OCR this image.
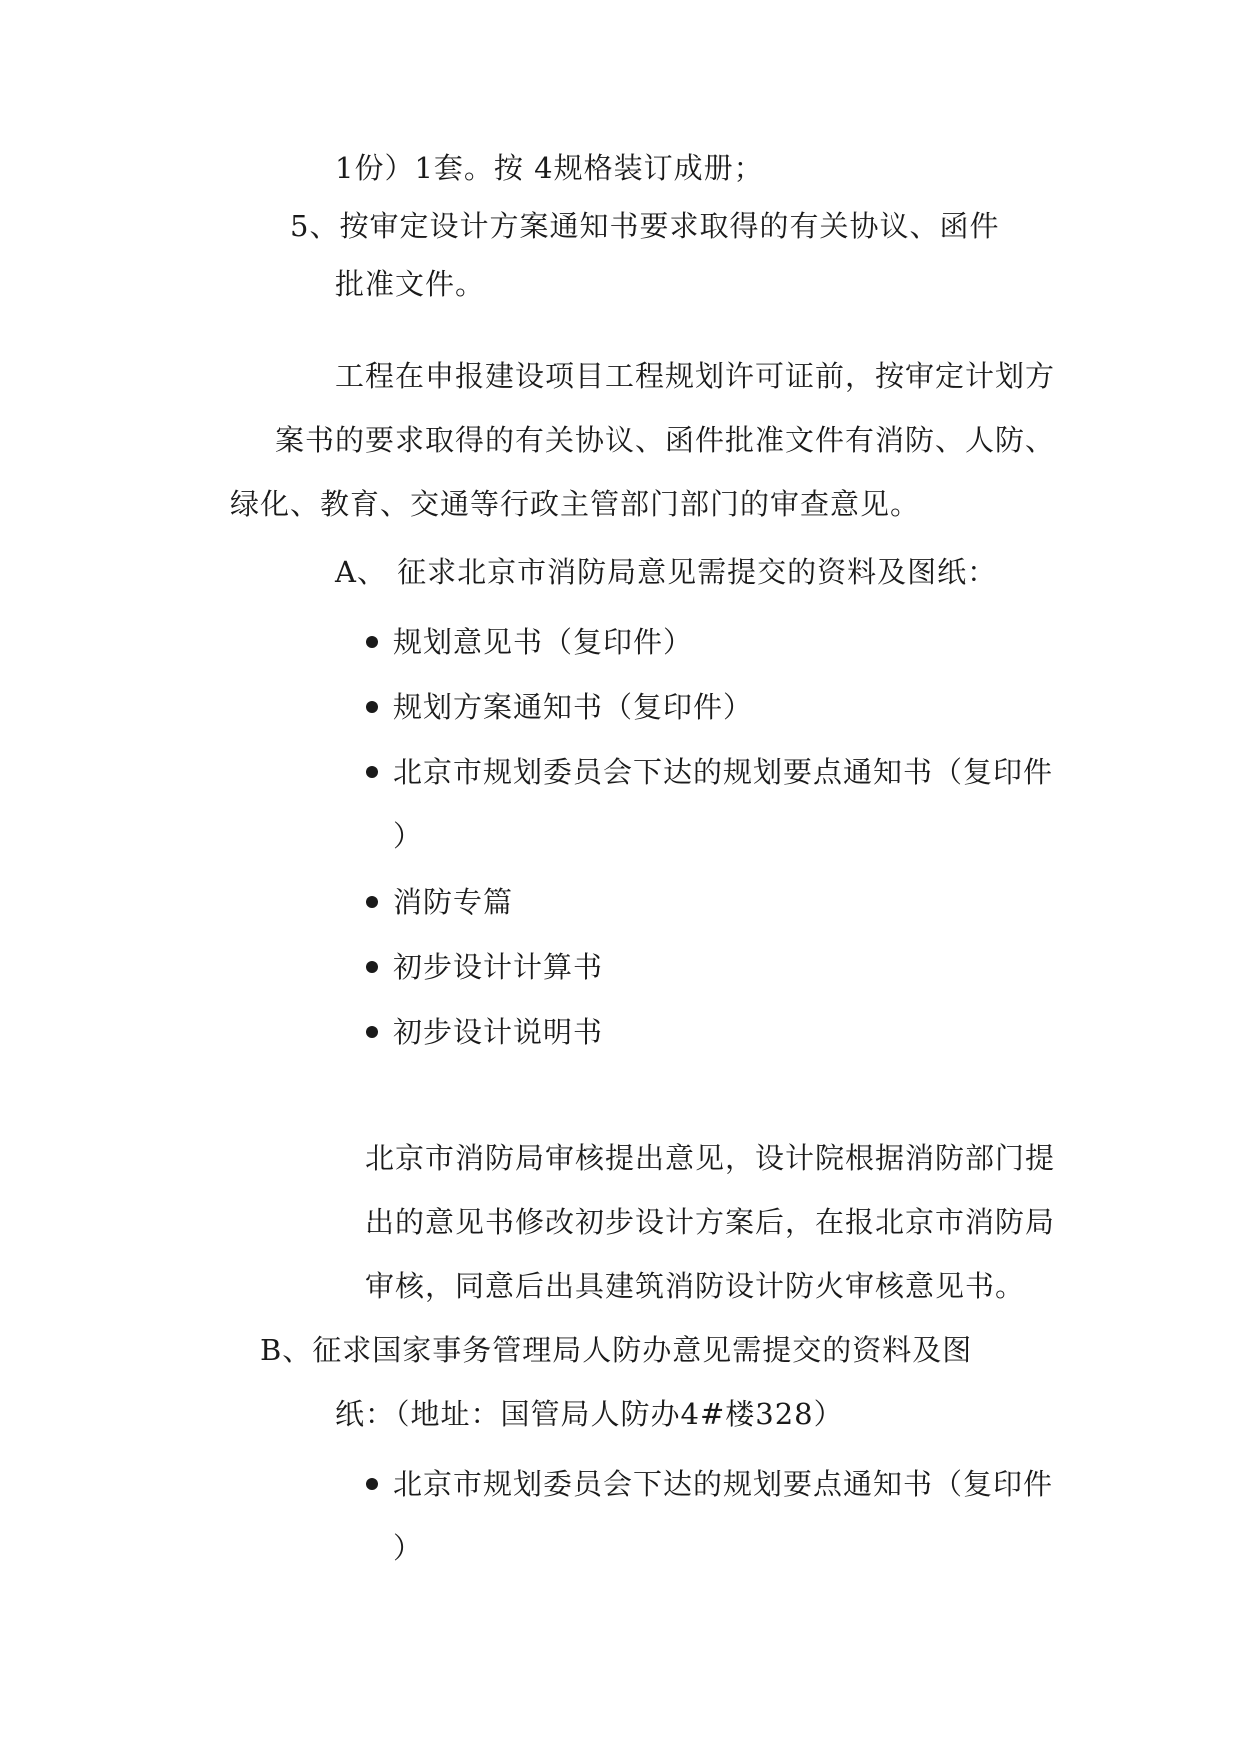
1份）1套。按 4规格装订成册；
5、按审定设计方案通知书要求取得的有关协议、函件
批准文件。
工程在申报建设项目工程规划许可证前，按审定计划方
案书的要求取得的有关协议、函件批准文件有消防、人防、
绿化、教育、交通等行政主管部门部门的审查意见。
A、 征求北京市消防局意见需提交的资料及图纸：
规划意见书（复印件）
规划方案通知书（复印件）
北京市规划委员会下达的规划要点通知书（复印件
）
消防专篇
初步设计计算书
初步设计说明书
北京市消防局审核提出意见，设计院根据消防部门提
出的意见书修改初步设计方案后，在报北京市消防局
审核，同意后出具建筑消防设计防火审核意见书。
B、征求国家事务管理局人防办意见需提交的资料及图
纸：（地址：国管局人防办4#楼328）
北京市规划委员会下达的规划要点通知书（复印件
）
